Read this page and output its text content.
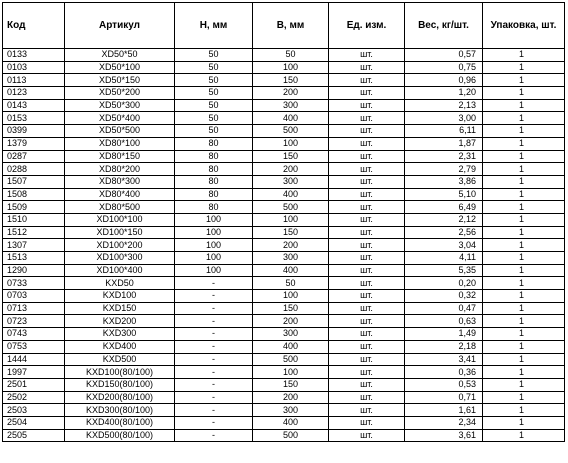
Код	Артикул	Н, мм	В, мм	Ед. изм.	Вес, кг/шт.	Упаковка, шт.
0133	XD50*50	50	50	шт.	0,57	1
0103	XD50*100	50	100	шт.	0,75	1
0113	XD50*150	50	150	шт.	0,96	1
0123	XD50*200	50	200	шт.	1,20	1
0143	XD50*300	50	300	шт.	2,13	1
0153	XD50*400	50	400	шт.	3,00	1
0399	XD50*500	50	500	шт.	6,11	1
1379	XD80*100	80	100	шт.	1,87	1
0287	XD80*150	80	150	шт.	2,31	1
0288	XD80*200	80	200	шт.	2,79	1
1507	XD80*300	80	300	шт.	3,86	1
1508	XD80*400	80	400	шт.	5,10	1
1509	XD80*500	80	500	шт.	6,49	1
1510	XD100*100	100	100	шт.	2,12	1
1512	XD100*150	100	150	шт.	2,56	1
1307	XD100*200	100	200	шт.	3,04	1
1513	XD100*300	100	300	шт.	4,11	1
1290	XD100*400	100	400	шт.	5,35	1
0733	KXD50	-	50	шт.	0,20	1
0703	KXD100	-	100	шт.	0,32	1
0713	KXD150	-	150	шт.	0,47	1
0723	KXD200	-	200	шт.	0,63	1
0743	KXD300	-	300	шт.	1,49	1
0753	KXD400	-	400	шт.	2,18	1
1444	KXD500	-	500	шт.	3,41	1
1997	KXD100(80/100)	-	100	шт.	0,36	1
2501	KXD150(80/100)	-	150	шт.	0,53	1
2502	KXD200(80/100)	-	200	шт.	0,71	1
2503	KXD300(80/100)	-	300	шт.	1,61	1
2504	KXD400(80/100)	-	400	шт.	2,34	1
2505	KXD500(80/100)	-	500	шт.	3,61	1
